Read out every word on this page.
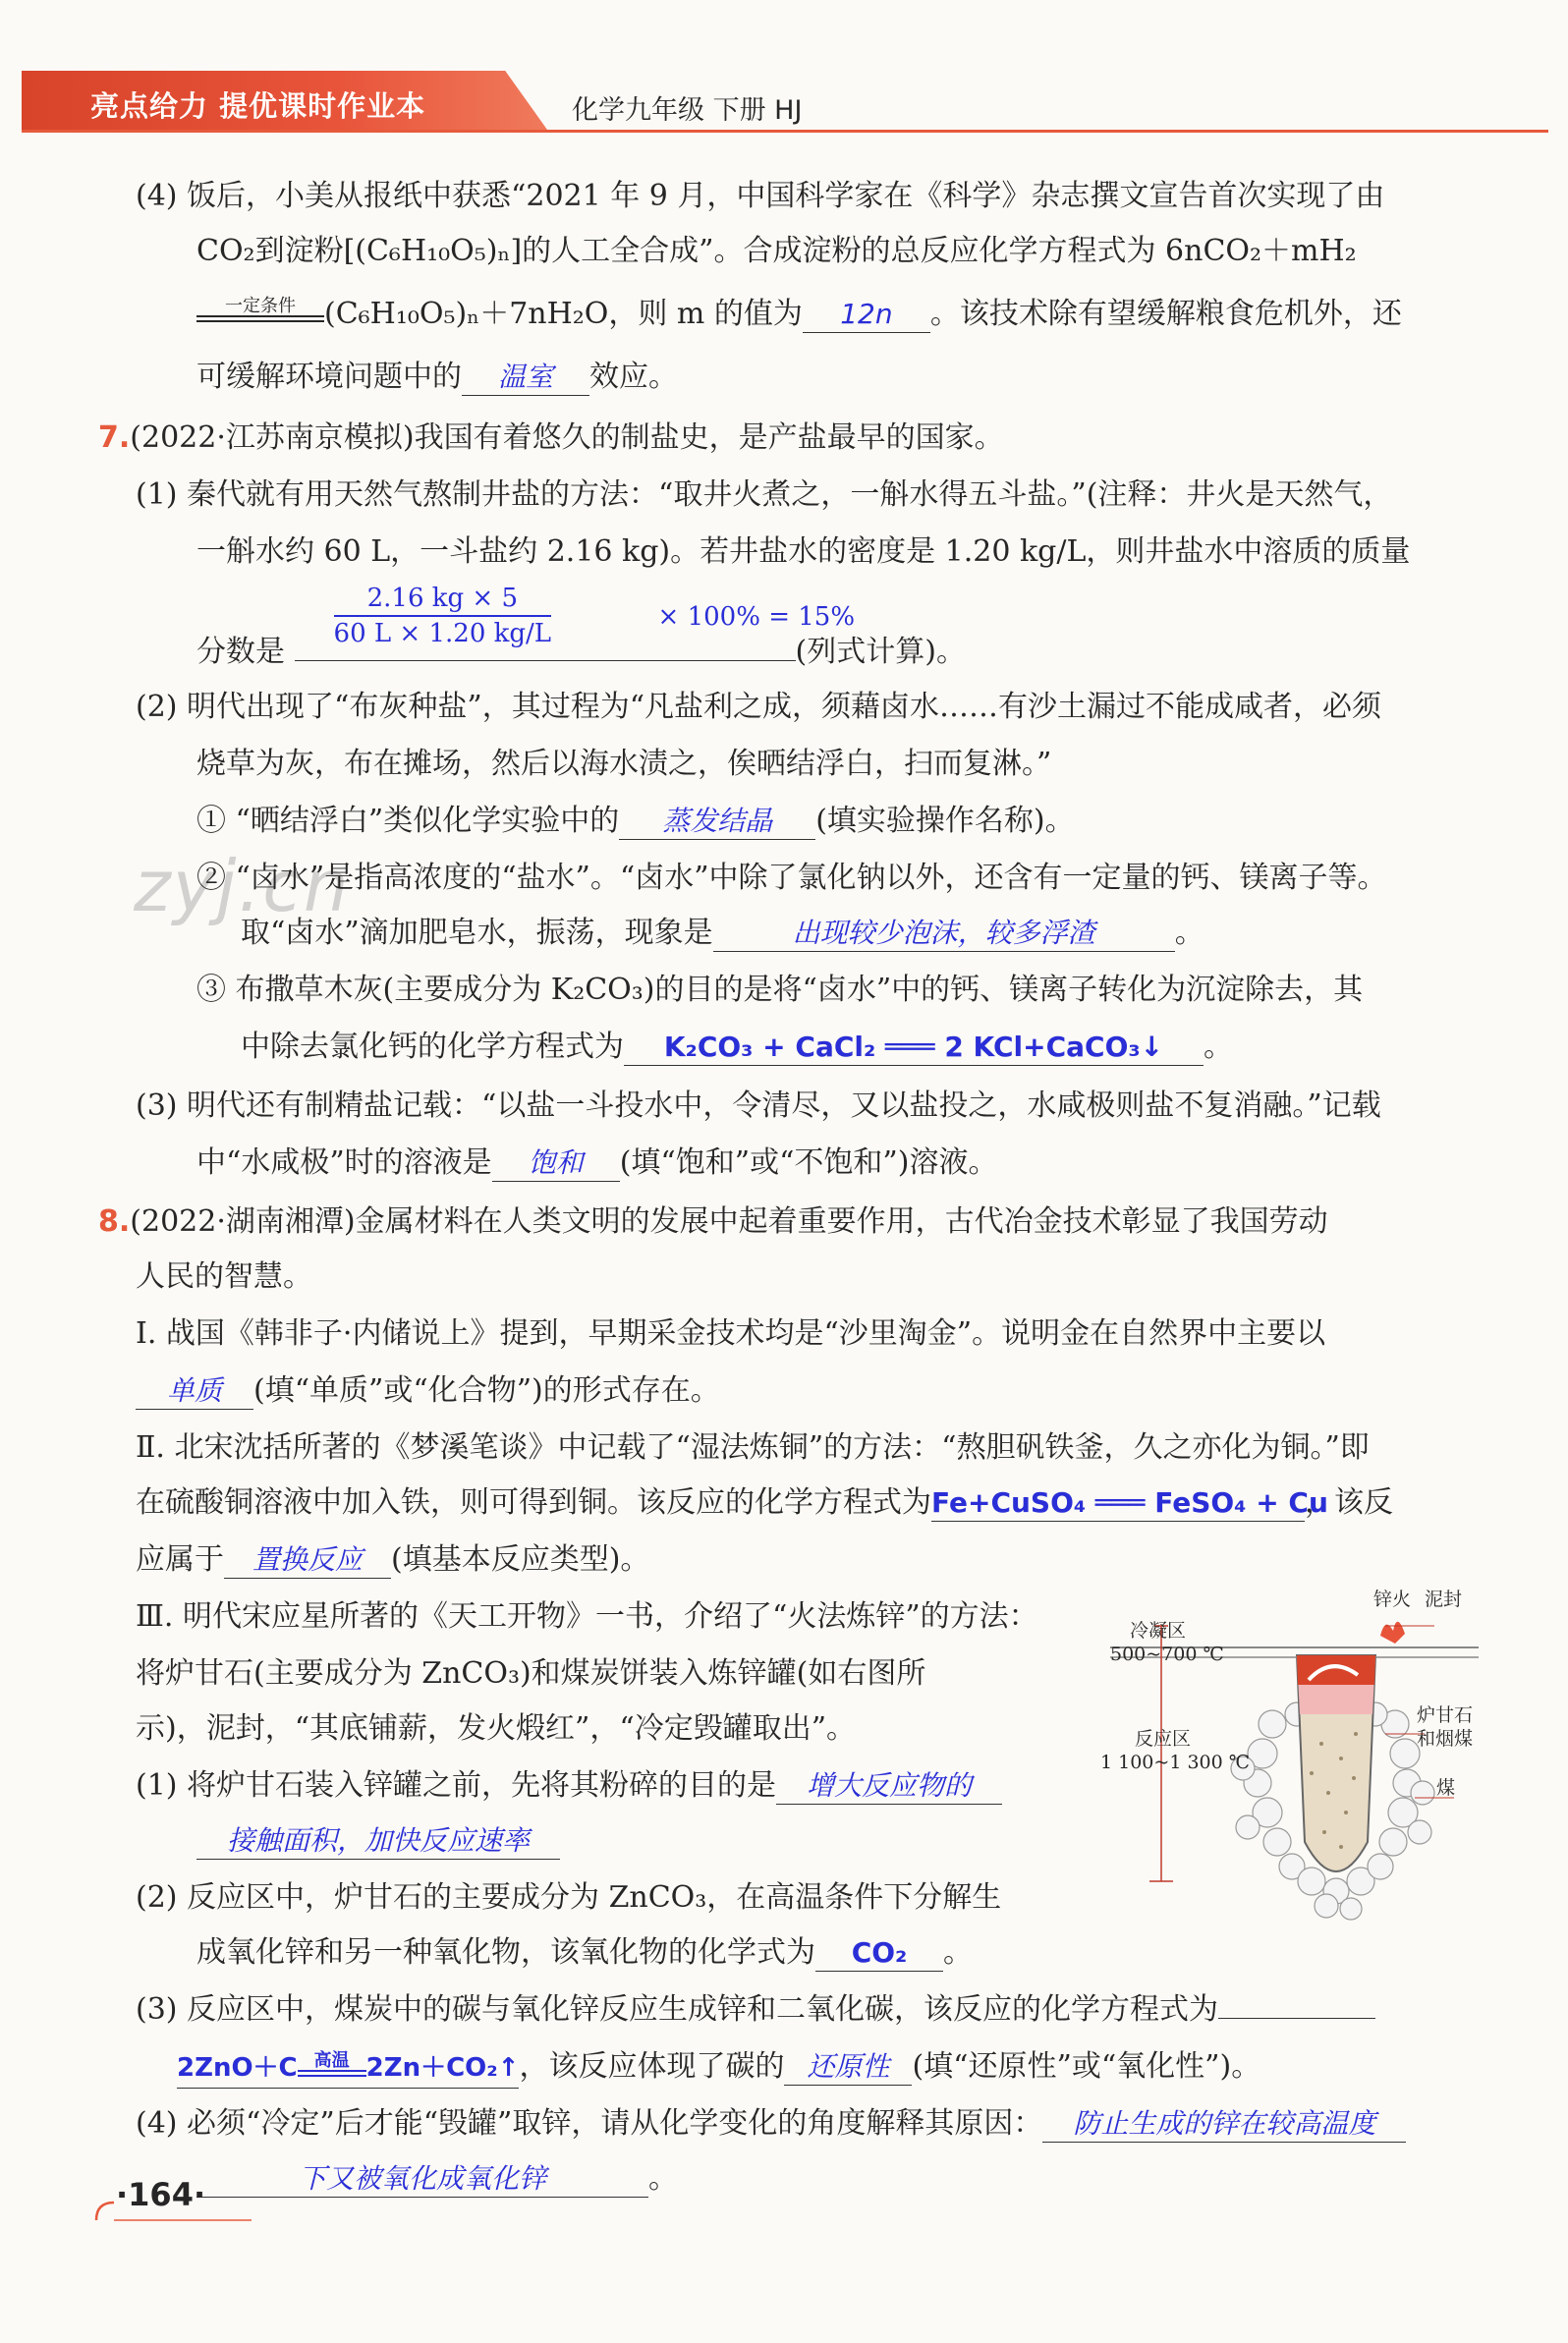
亮点给力 提优课时作业本	化学九年级 下册 HJ
zyj.cn
(4) 饭后，小美从报纸中获悉“2021 年 9 月，中国科学家在《科学》杂志撰文宣告首次实现了由
CO₂到淀粉[(C₆H₁₀O₅)ₙ]的人工全合成”。合成淀粉的总反应化学方程式为 6nCO₂＋mH₂
一定条件 (C₆H₁₀O₅)ₙ＋7nH₂O，则 m 的值为 12n 。该技术除有望缓解粮食危机外，还
可缓解环境问题中的 温室 效应。
7.(2022·江苏南京模拟)我国有着悠久的制盐史，是产盐最早的国家。
(1) 秦代就有用天然气熬制井盐的方法：“取井火煮之，一斛水得五斗盐。”(注释：井火是天然气，
一斛水约 60 L，一斗盐约 2.16 kg)。若井盐水的密度是 1.20 kg/L，则井盐水中溶质的质量
分数是
$\frac{2.16 kg \times 5}{60 L \times 1.20 kg/L}$	× 100% = 15%
(列式计算)。
(2) 明代出现了“布灰种盐”，其过程为“凡盐利之成，须藉卤水……有沙土漏过不能成咸者，必须
烧草为灰，布在摊场，然后以海水渍之，俟晒结浮白，扫而复淋。”
① “晒结浮白”类似化学实验中的 蒸发结晶 (填实验操作名称)。
② “卤水”是指高浓度的“盐水”。“卤水”中除了氯化钠以外，还含有一定量的钙、镁离子等。
取“卤水”滴加肥皂水，振荡，现象是	出现较少泡沫，较多浮渣	。
③ 布撒草木灰(主要成分为 K₂CO₃)的目的是将“卤水”中的钙、镁离子转化为沉淀除去，其
中除去氯化钙的化学方程式为 K₂CO₃ + CaCl₂ ═══ 2 KCl+CaCO₃↓ 。
(3) 明代还有制精盐记载：“以盐一斗投水中，令清尽，又以盐投之，水咸极则盐不复消融。”记载
中“水咸极”时的溶液是 饱和 (填“饱和”或“不饱和”)溶液。
8.(2022·湖南湘潭)金属材料在人类文明的发展中起着重要作用，古代冶金技术彰显了我国劳动
人民的智慧。
Ⅰ. 战国《韩非子·内储说上》提到，早期采金技术均是“沙里淘金”。说明金在自然界中主要以
单质 (填“单质”或“化合物”)的形式存在。
Ⅱ. 北宋沈括所著的《梦溪笔谈》中记载了“湿法炼铜”的方法：“熬胆矾铁釜，久之亦化为铜。”即
在硫酸铜溶液中加入铁，则可得到铜。该反应的化学方程式为Fe+CuSO₄ ═══ FeSO₄ + Cu，该反
应属于 置换反应 (填基本反应类型)。
Ⅲ. 明代宋应星所著的《天工开物》一书，介绍了“火法炼锌”的方法：
将炉甘石(主要成分为 ZnCO₃)和煤炭饼装入炼锌罐(如右图所
示)，泥封，“其底铺薪，发火煅红”，“冷定毁罐取出”。
(1) 将炉甘石装入锌罐之前，先将其粉碎的目的是 增大反应物的
接触面积，加快反应速率
(2) 反应区中，炉甘石的主要成分为 ZnCO₃，在高温条件下分解生
成氧化锌和另一种氧化物，该氧化物的化学式为 CO₂ 。
(3) 反应区中，煤炭中的碳与氧化锌反应生成锌和二氧化碳，该反应的化学方程式为
2ZnO＋C 高温 2Zn＋CO₂↑，该反应体现了碳的 还原性 (填“还原性”或“氧化性”)。
(4) 必须“冷定”后才能“毁罐”取锌，请从化学变化的角度解释其原因： 防止生成的锌在较高温度
下又被氧化成氧化锌	。
锌火 泥封
冷凝区
500~700 ℃
反应区
1 100~1 300 ℃
炉甘石
和烟煤
煤
·164·
